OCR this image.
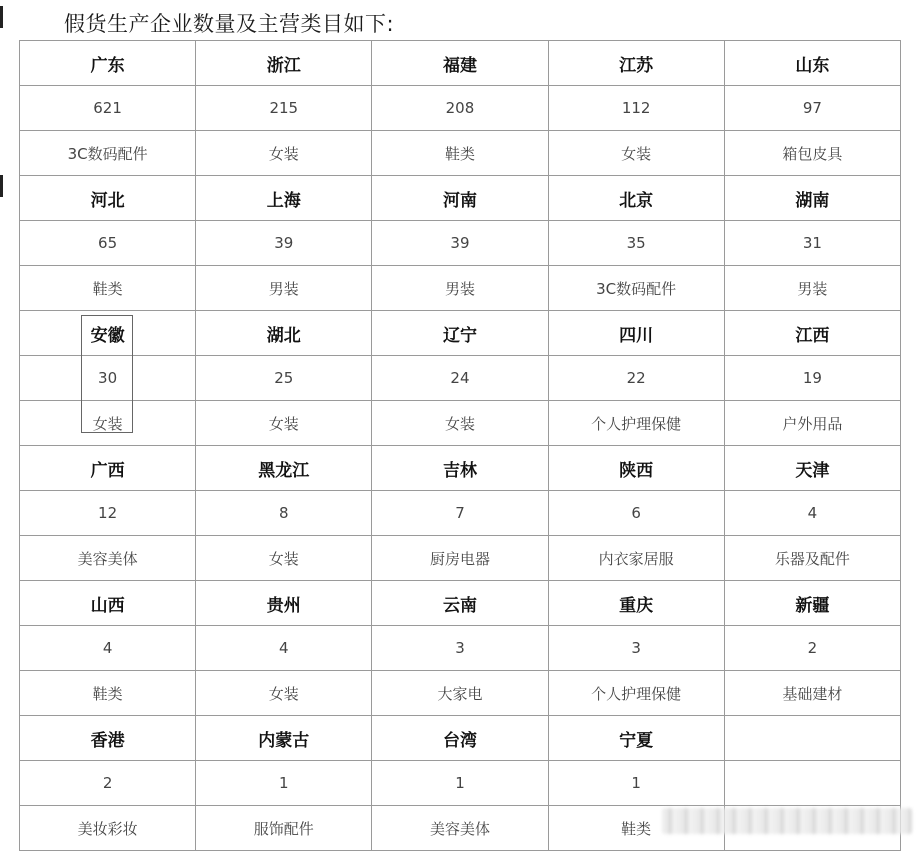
假货生产企业数量及主营类目如下:
广东	浙江	福建	江苏	山东
621	215	208	112	97
3C数码配件	女装	鞋类	女装	箱包皮具
河北	上海	河南	北京	湖南
65	39	39	35	31
鞋类	男装	男装	3C数码配件	男装
安徽	湖北	辽宁	四川	江西
30	25	24	22	19
女装	女装	女装	个人护理保健	户外用品
广西	黑龙江	吉林	陕西	天津
12	8	7	6	4
美容美体	女装	厨房电器	内衣家居服	乐器及配件
山西	贵州	云南	重庆	新疆
4	4	3	3	2
鞋类	女装	大家电	个人护理保健	基础建材
香港	内蒙古	台湾	宁夏	
2	1	1	1	
美妆彩妆	服饰配件	美容美体	鞋类	
